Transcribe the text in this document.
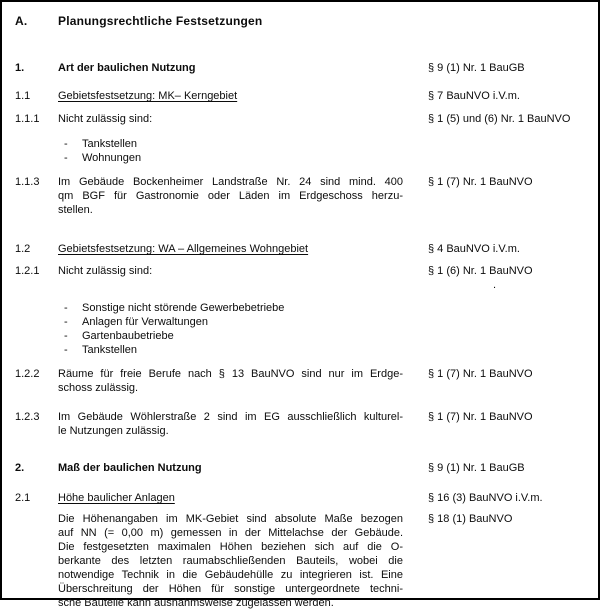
A.	Planungsrechtliche Festsetzungen
1.	Art der baulichen Nutzung	§ 9 (1) Nr. 1 BauGB
1.1	Gebietsfestsetzung: MK– Kerngebiet	§ 7 BauNVO i.V.m.
1.1.1	Nicht zulässig sind:	§ 1 (5) und (6) Nr. 1 BauNVO
-	Tankstellen
-	Wohnungen
1.1.3	Im Gebäude Bockenheimer Landstraße Nr. 24 sind mind. 400
qm BGF für Gastronomie oder Läden im Erdgeschoss herzu-
stellen.
§ 1 (7) Nr. 1 BauNVO
1.2	Gebietsfestsetzung: WA – Allgemeines Wohngebiet	§ 4 BauNVO i.V.m.
1.2.1	Nicht zulässig sind:	§ 1 (6) Nr. 1 BauNVO
.
-	Sonstige nicht störende Gewerbebetriebe
-	Anlagen für Verwaltungen
-	Gartenbaubetriebe
-	Tankstellen
1.2.2	Räume für freie Berufe nach § 13 BauNVO sind nur im Erdge-
schoss zulässig.
§ 1 (7) Nr. 1 BauNVO
1.2.3	Im Gebäude Wöhlerstraße 2 sind im EG ausschließlich kulturel-
le Nutzungen zulässig.
§ 1 (7) Nr. 1 BauNVO
2.	Maß der baulichen Nutzung	§ 9 (1) Nr. 1 BauGB
2.1	Höhe baulicher Anlagen	§ 16 (3) BauNVO i.V.m.
Die Höhenangaben im MK-Gebiet sind absolute Maße bezogen
auf NN (= 0,00 m) gemessen in der Mittelachse der Gebäude.
Die festgesetzten maximalen Höhen beziehen sich auf die O-
berkante des letzten raumabschließenden Bauteils, wobei die
notwendige Technik in die Gebäudehülle zu integrieren ist. Eine
Überschreitung der Höhen für sonstige untergeordnete techni-
sche Bauteile kann ausnahmsweise zugelassen werden.
§ 18 (1) BauNVO
